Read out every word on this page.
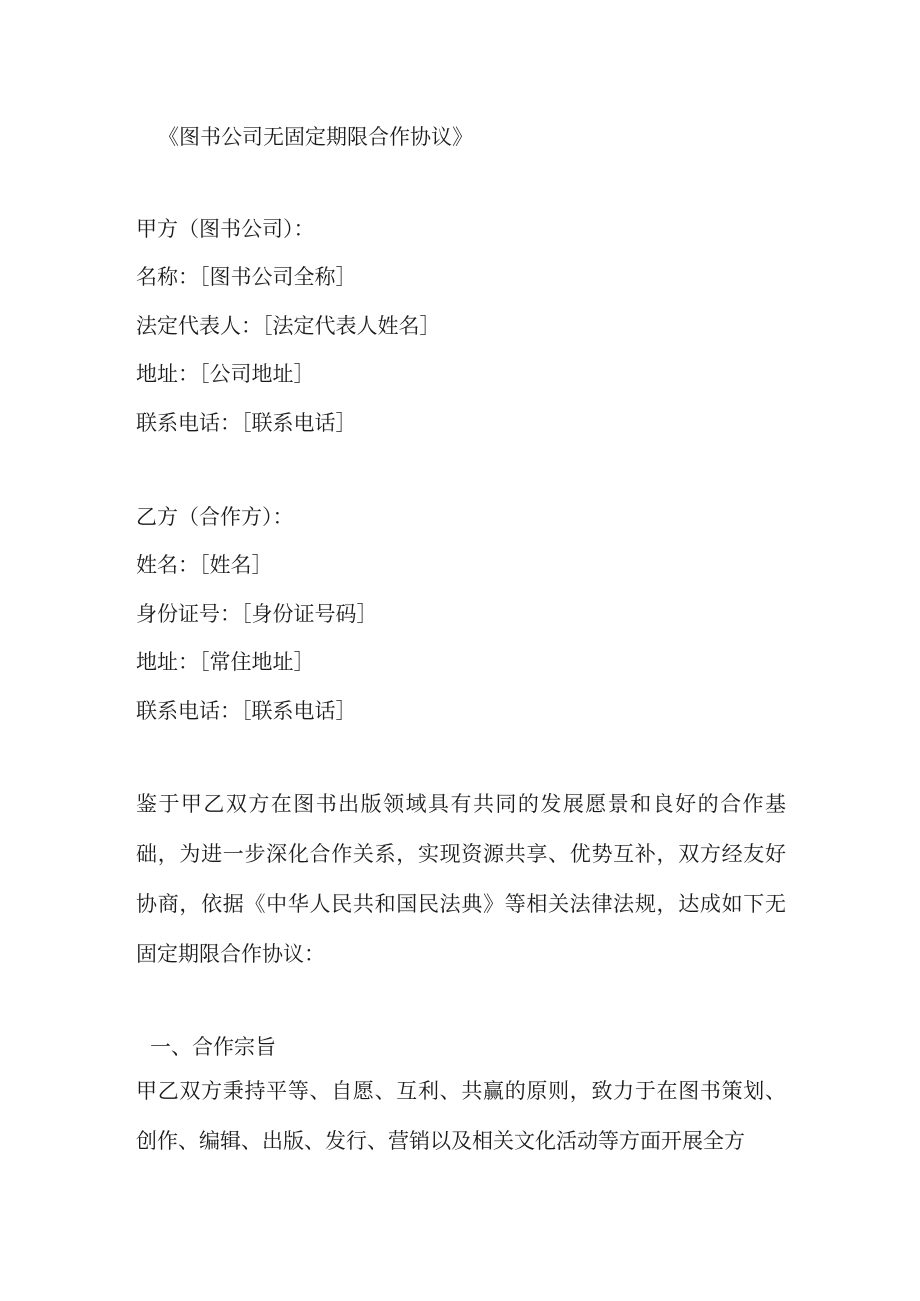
《图书公司无固定期限合作协议》

甲方（图书公司）：

名称：［图书公司全称］

法定代表人：［法定代表人姓名］

地址：［公司地址］

联系电话：［联系电话］

乙方（合作方）：

姓名：［姓名］

身份证号：［身份证号码］

地址：［常住地址］

联系电话：［联系电话］

鉴于甲乙双方在图书出版领域具有共同的发展愿景和良好的合作基础，为进一步深化合作关系，实现资源共享、优势互补，双方经友好协商，依据《中华人民共和国民法典》等相关法律法规，达成如下无固定期限合作协议：

一、合作宗旨

甲乙双方秉持平等、自愿、互利、共赢的原则，致力于在图书策划、创作、编辑、出版、发行、营销以及相关文化活动等方面开展全方
